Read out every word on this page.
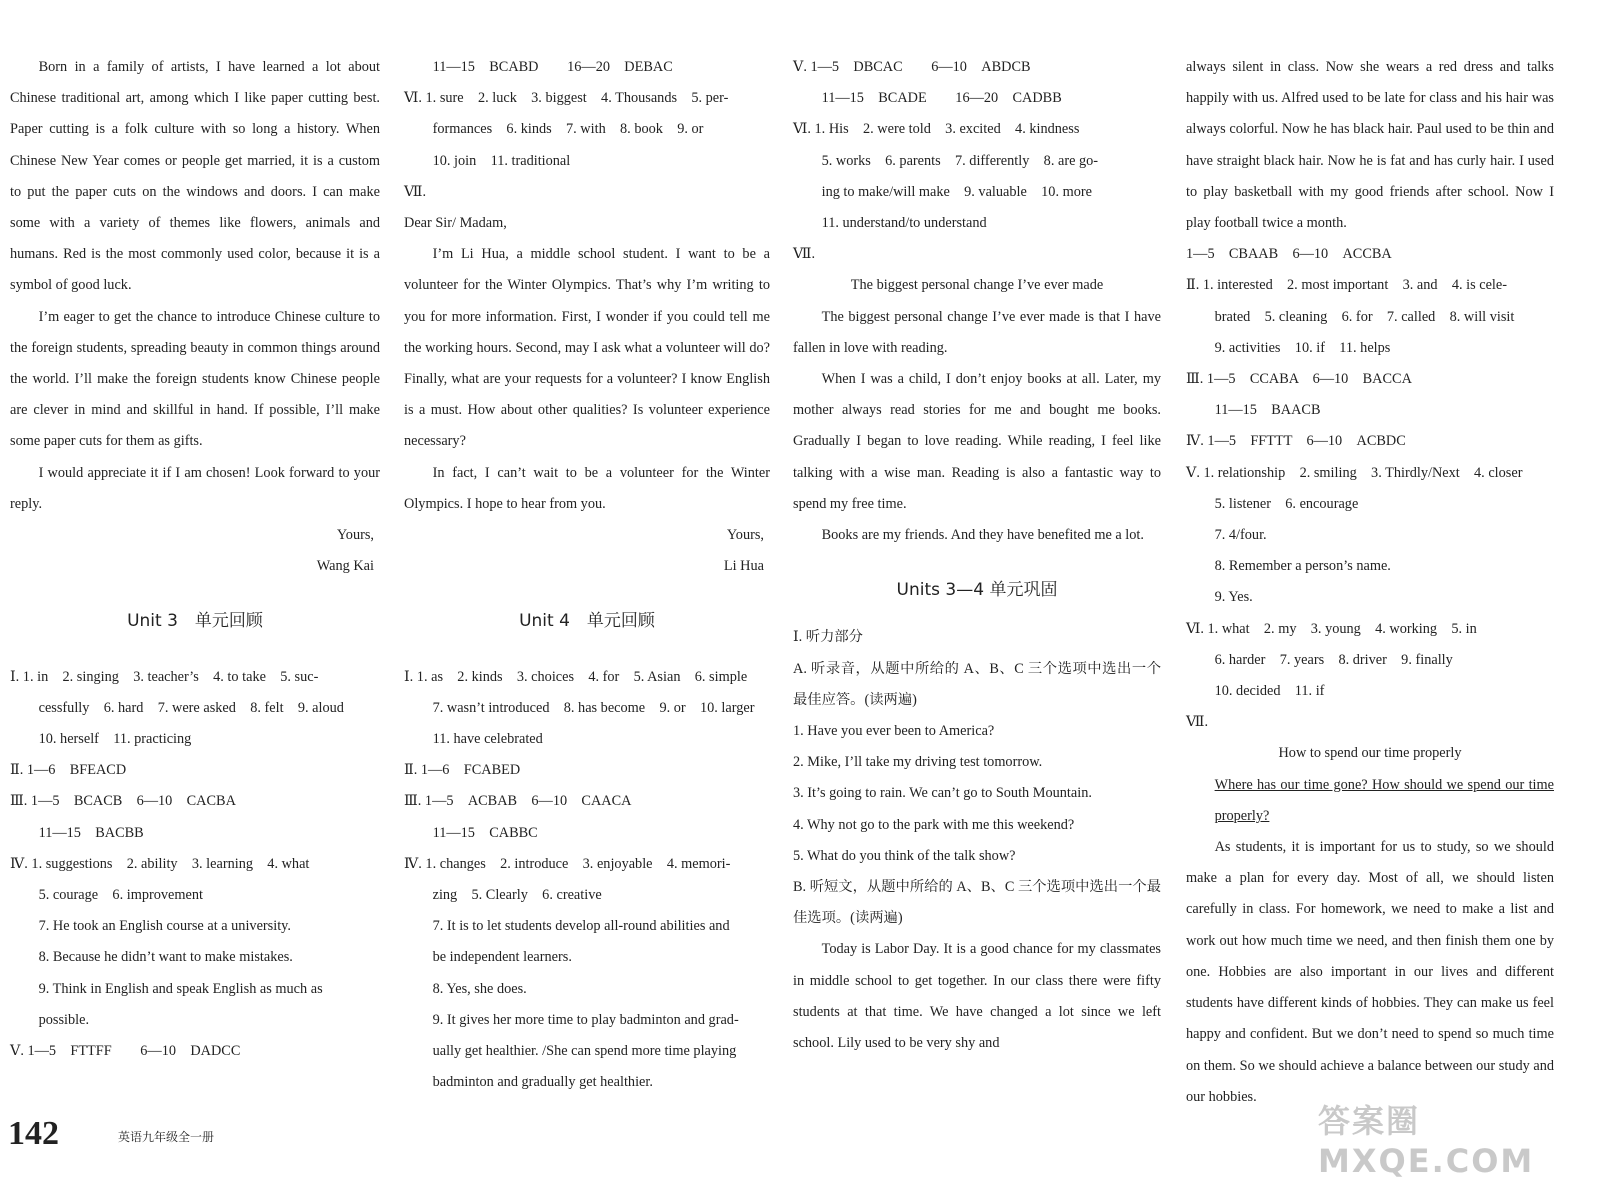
Born in a family of artists, I have learned a lot about Chinese traditional art, among which I like paper cutting best. Paper cutting is a folk culture with so long a history. When Chinese New Year comes or people get married, it is a custom to put the paper cuts on the windows and doors. I can make some with a variety of themes like flowers, animals and humans. Red is the most commonly used color, because it is a symbol of good luck.

I’m eager to get the chance to introduce Chinese culture to the foreign students, spreading beauty in common things around the world. I’ll make the foreign students know Chinese people are clever in mind and skillful in hand. If possible, I’ll make some paper cuts for them as gifts.

I would appreciate it if I am chosen! Look forward to your reply.

Yours,

Wang Kai

Unit 3　单元回顾

Ⅰ. 1. in　2. singing　3. teacher’s　4. to take　5. suc-

cessfully　6. hard　7. were asked　8. felt　9. aloud

10. herself　11. practicing

Ⅱ. 1—6　BFEACD

Ⅲ. 1—5　BCACB　6—10　CACBA

11—15　BACBB

Ⅳ. 1. suggestions　2. ability　3. learning　4. what

5. courage　6. improvement

7. He took an English course at a university.

8. Because he didn’t want to make mistakes.

9. Think in English and speak English as much as

possible.

Ⅴ. 1—5　FTTFF　　6—10　DADCC

11—15　BCABD　　16—20　DEBAC

Ⅵ. 1. sure　2. luck　3. biggest　4. Thousands　5. per-

formances　6. kinds　7. with　8. book　9. or

10. join　11. traditional

Ⅶ.

Dear Sir/ Madam,

I’m Li Hua, a middle school student. I want to be a volunteer for the Winter Olympics. That’s why I’m writing to you for more information. First, I wonder if you could tell me the working hours. Second, may I ask what a volunteer will do? Finally, what are your requests for a volunteer? I know English is a must. How about other qualities? Is volunteer experience necessary?

In fact, I can’t wait to be a volunteer for the Winter Olympics. I hope to hear from you.

Yours,

Li Hua

Unit 4　单元回顾

Ⅰ. 1. as　2. kinds　3. choices　4. for　5. Asian　6. simple

7. wasn’t introduced　8. has become　9. or　10. larger

11. have celebrated

Ⅱ. 1—6　FCABED

Ⅲ. 1—5　ACBAB　6—10　CAACA

11—15　CABBC

Ⅳ. 1. changes　2. introduce　3. enjoyable　4. memori-

zing　5. Clearly　6. creative

7. It is to let students develop all-round abilities and

be independent learners.

8. Yes, she does.

9. It gives her more time to play badminton and grad-

ually get healthier. /She can spend more time playing

badminton and gradually get healthier.

Ⅴ. 1—5　DBCAC　　6—10　ABDCB

11—15　BCADE　　16—20　CADBB

Ⅵ. 1. His　2. were told　3. excited　4. kindness

5. works　6. parents　7. differently　8. are go-

ing to make/will make　9. valuable　10. more

11. understand/to understand

Ⅶ.

The biggest personal change I’ve ever made

The biggest personal change I’ve ever made is that I have fallen in love with reading.

When I was a child, I don’t enjoy books at all. Later, my mother always read stories for me and bought me books. Gradually I began to love reading. While reading, I feel like talking with a wise man. Reading is also a fantastic way to spend my free time.

Books are my friends. And they have benefited me a lot.

Units 3—4 单元巩固

Ⅰ. 听力部分

A. 听录音，从题中所给的 A、B、C 三个选项中选出一个最佳应答。(读两遍)

1. Have you ever been to America?

2. Mike, I’ll take my driving test tomorrow.

3. It’s going to rain. We can’t go to South Mountain.

4. Why not go to the park with me this weekend?

5. What do you think of the talk show?

B. 听短文，从题中所给的 A、B、C 三个选项中选出一个最佳选项。(读两遍)

Today is Labor Day. It is a good chance for my classmates in middle school to get together. In our class there were fifty students at that time. We have changed a lot since we left school. Lily used to be very shy and

always silent in class. Now she wears a red dress and talks happily with us. Alfred used to be late for class and his hair was always colorful. Now he has black hair. Paul used to be thin and have straight black hair. Now he is fat and has curly hair. I used to play basketball with my good friends after school. Now I play football twice a month.

1—5　CBAAB　6—10　ACCBA

Ⅱ. 1. interested　2. most important　3. and　4. is cele-

brated　5. cleaning　6. for　7. called　8. will visit

9. activities　10. if　11. helps

Ⅲ. 1—5　CCABA　6—10　BACCA

11—15　BAACB

Ⅳ. 1—5　FFTTT　6—10　ACBDC

Ⅴ. 1. relationship　2. smiling　3. Thirdly/Next　4. closer

5. listener　6. encourage

7. 4/four.

8. Remember a person’s name.

9. Yes.

Ⅵ. 1. what　2. my　3. young　4. working　5. in

6. harder　7. years　8. driver　9. finally

10. decided　11. if

Ⅶ.

How to spend our time properly

Where has our time gone? How should we spend our time properly?

As students, it is important for us to study, so we should make a plan for every day. Most of all, we should listen carefully in class. For homework, we need to make a list and work out how much time we need, and then finish them one by one. Hobbies are also important in our lives and different students have different kinds of hobbies. They can make us feel happy and confident. But we don’t need to spend so much time on them. So we should achieve a balance between our study and our hobbies.

142	英语九年级全一册	答案圈 MXQE.COM
